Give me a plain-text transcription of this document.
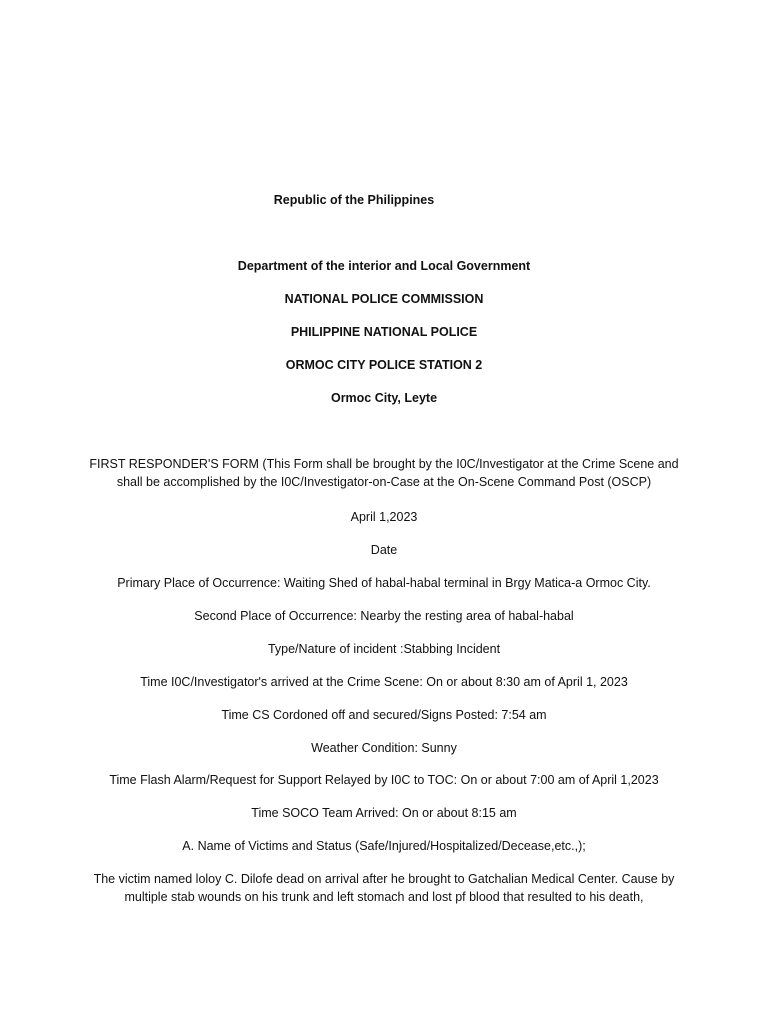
Republic of the Philippines
Department of the interior and Local Government
NATIONAL POLICE COMMISSION
PHILIPPINE NATIONAL POLICE
ORMOC CITY POLICE STATION 2
Ormoc City, Leyte
FIRST RESPONDER'S FORM (This Form shall be brought by the I0C/Investigator at the Crime Scene and
shall be accomplished by the I0C/Investigator-on-Case at the On-Scene Command Post (OSCP)
April 1,2023
Date
Primary Place of Occurrence: Waiting Shed of habal-habal terminal in Brgy Matica-a Ormoc City.
Second Place of Occurrence: Nearby the resting area of habal-habal
Type/Nature of incident :Stabbing Incident
Time I0C/Investigator's arrived at the Crime Scene: On or about 8:30 am of April 1, 2023
Time CS Cordoned off and secured/Signs Posted: 7:54 am
Weather Condition: Sunny
Time Flash Alarm/Request for Support Relayed by I0C to TOC: On or about 7:00 am of April 1,2023
Time SOCO Team Arrived: On or about 8:15 am
A. Name of Victims and Status (Safe/Injured/Hospitalized/Decease,etc.,);
The victim named loloy C. Dilofe dead on arrival after he brought to Gatchalian Medical Center. Cause by
multiple stab wounds on his trunk and left stomach and lost pf blood that resulted to his death,
